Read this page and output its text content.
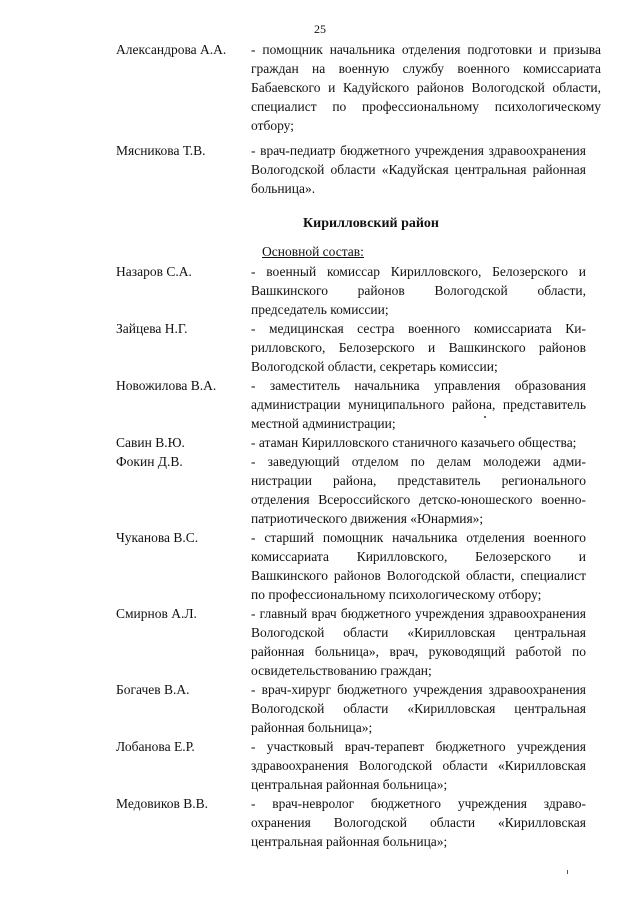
25
Александрова А.А.	- помощник начальника отделения подготовки и призыва граждан на военную службу военного комиссариата Бабаевского и Кадуйского районов Вологодской области, специалист по профессиональному психологическому отбору;
Мясникова Т.В.	- врач-педиатр бюджетного учреждения здравоохранения Вологодской области «Кадуйская центральная районная больница».
Кирилловский район
Основной состав:
Назаров С.А.	- военный комиссар Кирилловского, Белозерского и Вашкинского районов Вологодской области, председатель комиссии;
Зайцева Н.Г.	- медицинская сестра военного комиссариата Кирилловского, Белозерского и Вашкинского районов Вологодской области, секретарь комиссии;
Новожилова В.А.	- заместитель начальника управления образования администрации муниципального района, представитель местной администрации;
Савин В.Ю.	- атаман Кирилловского станичного казачьего общества;
Фокин Д.В.	- заведующий отделом по делам молодежи администрации района, представитель регионального отделения Всероссийского детско-юношеского военно-патриотического движения «Юнармия»;
Чуканова В.С.	- старший помощник начальника отделения военного комиссариата Кирилловского, Белозерского и Вашкинского районов Вологодской области, специалист по профессиональному психологическому отбору;
Смирнов А.Л.	- главный врач бюджетного учреждения здравоохранения Вологодской области «Кирилловская центральная районная больница», врач, руководящий работой по освидетельствованию граждан;
Богачев В.А.	- врач-хирург бюджетного учреждения здравоохранения Вологодской области «Кирилловская центральная районная больница»;
Лобанова Е.Р.	- участковый врач-терапевт бюджетного учреждения здравоохранения Вологодской области «Кирилловская центральная районная больница»;
Медовиков В.В.	- врач-невролог бюджетного учреждения здравоохранения Вологодской области «Кирилловская центральная районная больница»;
